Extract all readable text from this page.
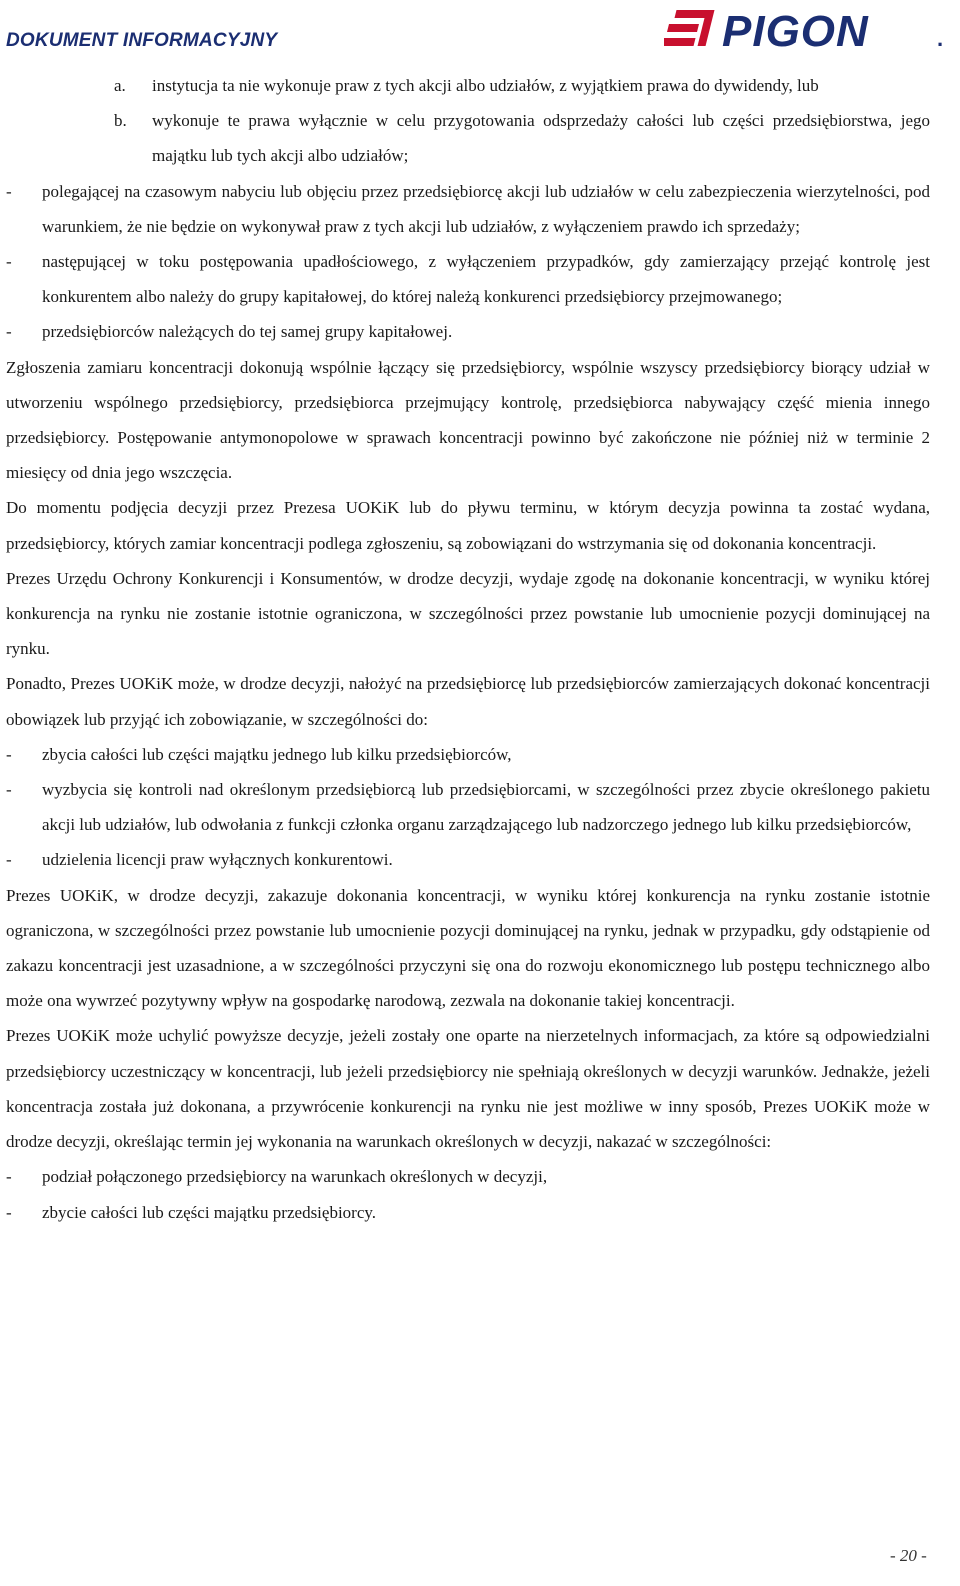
DOKUMENT INFORMACYJNY	PIGON	.
a. instytucja ta nie wykonuje praw z tych akcji albo udziałów, z wyjątkiem prawa do dywidendy, lub
b. wykonuje te prawa wyłącznie w celu przygotowania odsprzedaży całości lub części przedsiębiorstwa, jego majątku lub tych akcji albo udziałów;
- polegającej na czasowym nabyciu lub objęciu przez przedsiębiorcę akcji lub udziałów w celu zabezpieczenia wierzytelności, pod warunkiem, że nie będzie on wykonywał praw z tych akcji lub udziałów, z wyłączeniem prawdo ich sprzedaży;
- następującej w toku postępowania upadłościowego, z wyłączeniem przypadków, gdy zamierzający przejąć kontrolę jest konkurentem albo należy do grupy kapitałowej, do której należą konkurenci przedsiębiorcy przejmowanego;
- przedsiębiorców należących do tej samej grupy kapitałowej.

Zgłoszenia zamiaru koncentracji dokonują wspólnie łączący się przedsiębiorcy, wspólnie wszyscy przedsiębiorcy biorący udział w utworzeniu wspólnego przedsiębiorcy, przedsiębiorca przejmujący kontrolę, przedsiębiorca nabywający część mienia innego przedsiębiorcy. Postępowanie antymonopolowe w sprawach koncentracji powinno być zakończone nie później niż w terminie 2 miesięcy od dnia jego wszczęcia.

Do momentu podjęcia decyzji przez Prezesa UOKiK lub do pływu terminu, w którym decyzja powinna ta zostać wydana, przedsiębiorcy, których zamiar koncentracji podlega zgłoszeniu, są zobowiązani do wstrzymania się od dokonania koncentracji.

Prezes Urzędu Ochrony Konkurencji i Konsumentów, w drodze decyzji, wydaje zgodę na dokonanie koncentracji, w wyniku której konkurencja na rynku nie zostanie istotnie ograniczona, w szczególności przez powstanie lub umocnienie pozycji dominującej na rynku.

Ponadto, Prezes UOKiK może, w drodze decyzji, nałożyć na przedsiębiorcę lub przedsiębiorców zamierzających dokonać koncentracji obowiązek lub przyjąć ich zobowiązanie, w szczególności do:

- zbycia całości lub części majątku jednego lub kilku przedsiębiorców,
- wyzbycia się kontroli nad określonym przedsiębiorcą lub przedsiębiorcami, w szczególności przez zbycie określonego pakietu akcji lub udziałów, lub odwołania z funkcji członka organu zarządzającego lub nadzorczego jednego lub kilku przedsiębiorców,
- udzielenia licencji praw wyłącznych konkurentowi.

Prezes UOKiK, w drodze decyzji, zakazuje dokonania koncentracji, w wyniku której konkurencja na rynku zostanie istotnie ograniczona, w szczególności przez powstanie lub umocnienie pozycji dominującej na rynku, jednak w przypadku, gdy odstąpienie od zakazu koncentracji jest uzasadnione, a w szczególności przyczyni się ona do rozwoju ekonomicznego lub postępu technicznego albo może ona wywrzeć pozytywny wpływ na gospodarkę narodową, zezwala na dokonanie takiej koncentracji.

Prezes UOKiK może uchylić powyższe decyzje, jeżeli zostały one oparte na nierzetelnych informacjach, za które są odpowiedzialni przedsiębiorcy uczestniczący w koncentracji, lub jeżeli przedsiębiorcy nie spełniają określonych w decyzji warunków. Jednakże, jeżeli koncentracja została już dokonana, a przywrócenie konkurencji na rynku nie jest możliwe w inny sposób, Prezes UOKiK może w drodze decyzji, określając termin jej wykonania na warunkach określonych w decyzji, nakazać w szczególności:

- podział połączonego przedsiębiorcy na warunkach określonych w decyzji,
- zbycie całości lub części majątku przedsiębiorcy.
- 20 -
